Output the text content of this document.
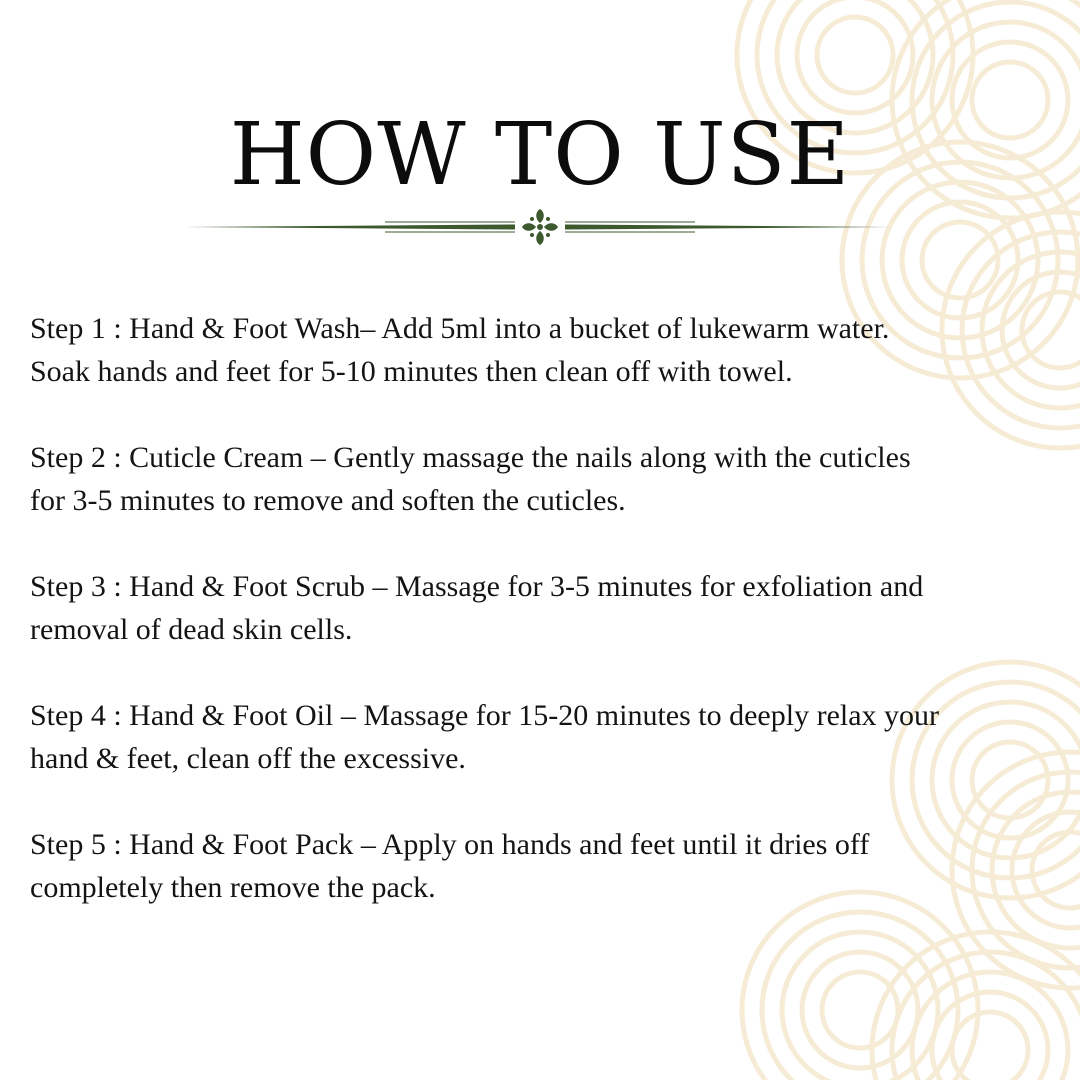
HOW TO USE

Step 1 : Hand & Foot Wash– Add 5ml into a bucket of lukewarm water.
Soak hands and feet for 5-10 minutes then clean off with towel.

Step 2 : Cuticle Cream – Gently massage the nails along with the cuticles
for 3-5 minutes to remove and soften the cuticles.

Step 3 : Hand & Foot Scrub – Massage for 3-5 minutes for exfoliation and
removal of dead skin cells.

Step 4 : Hand & Foot Oil – Massage for 15-20 minutes to deeply relax your
hand & feet, clean off the excessive.

Step 5 : Hand & Foot Pack – Apply on hands and feet until it dries off
completely then remove the pack.
